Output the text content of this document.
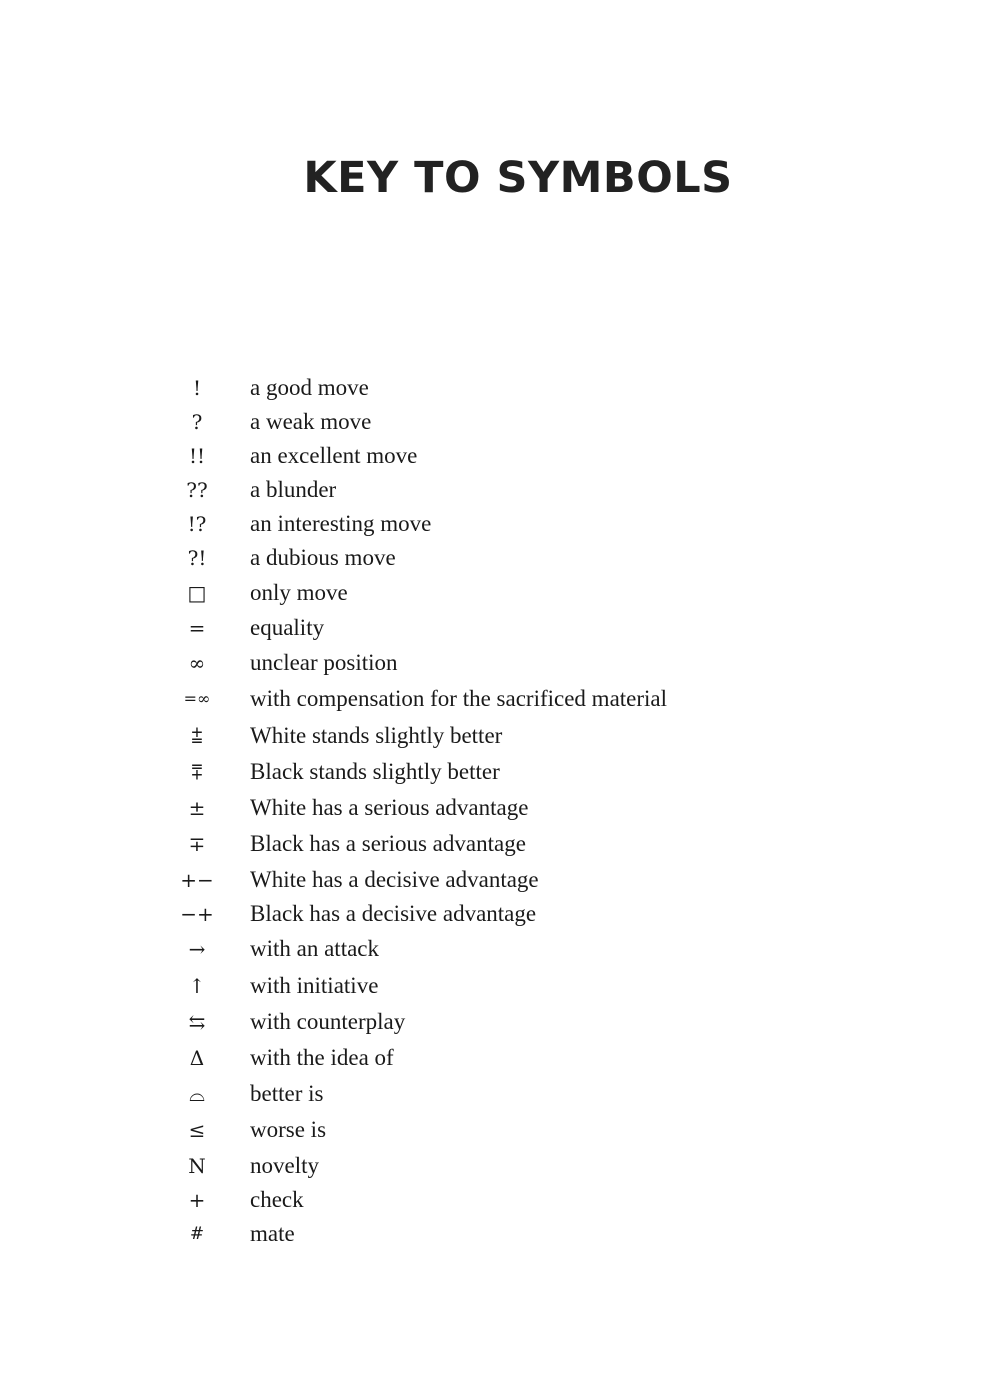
KEY TO SYMBOLS
!	a good move
?	a weak move
!!	an excellent move
??	a blunder
!?	an interesting move
?!	a dubious move
□	only move
=	equality
∞	unclear position
=∞	with compensation for the sacrificed material
⩲	White stands slightly better
⩱	Black stands slightly better
±	White has a serious advantage
∓	Black has a serious advantage
+−	White has a decisive advantage
−+	Black has a decisive advantage
→	with an attack
↑	with initiative
⇆	with counterplay
Δ	with the idea of
⌓	better is
≤	worse is
N	novelty
+	check
#	mate
